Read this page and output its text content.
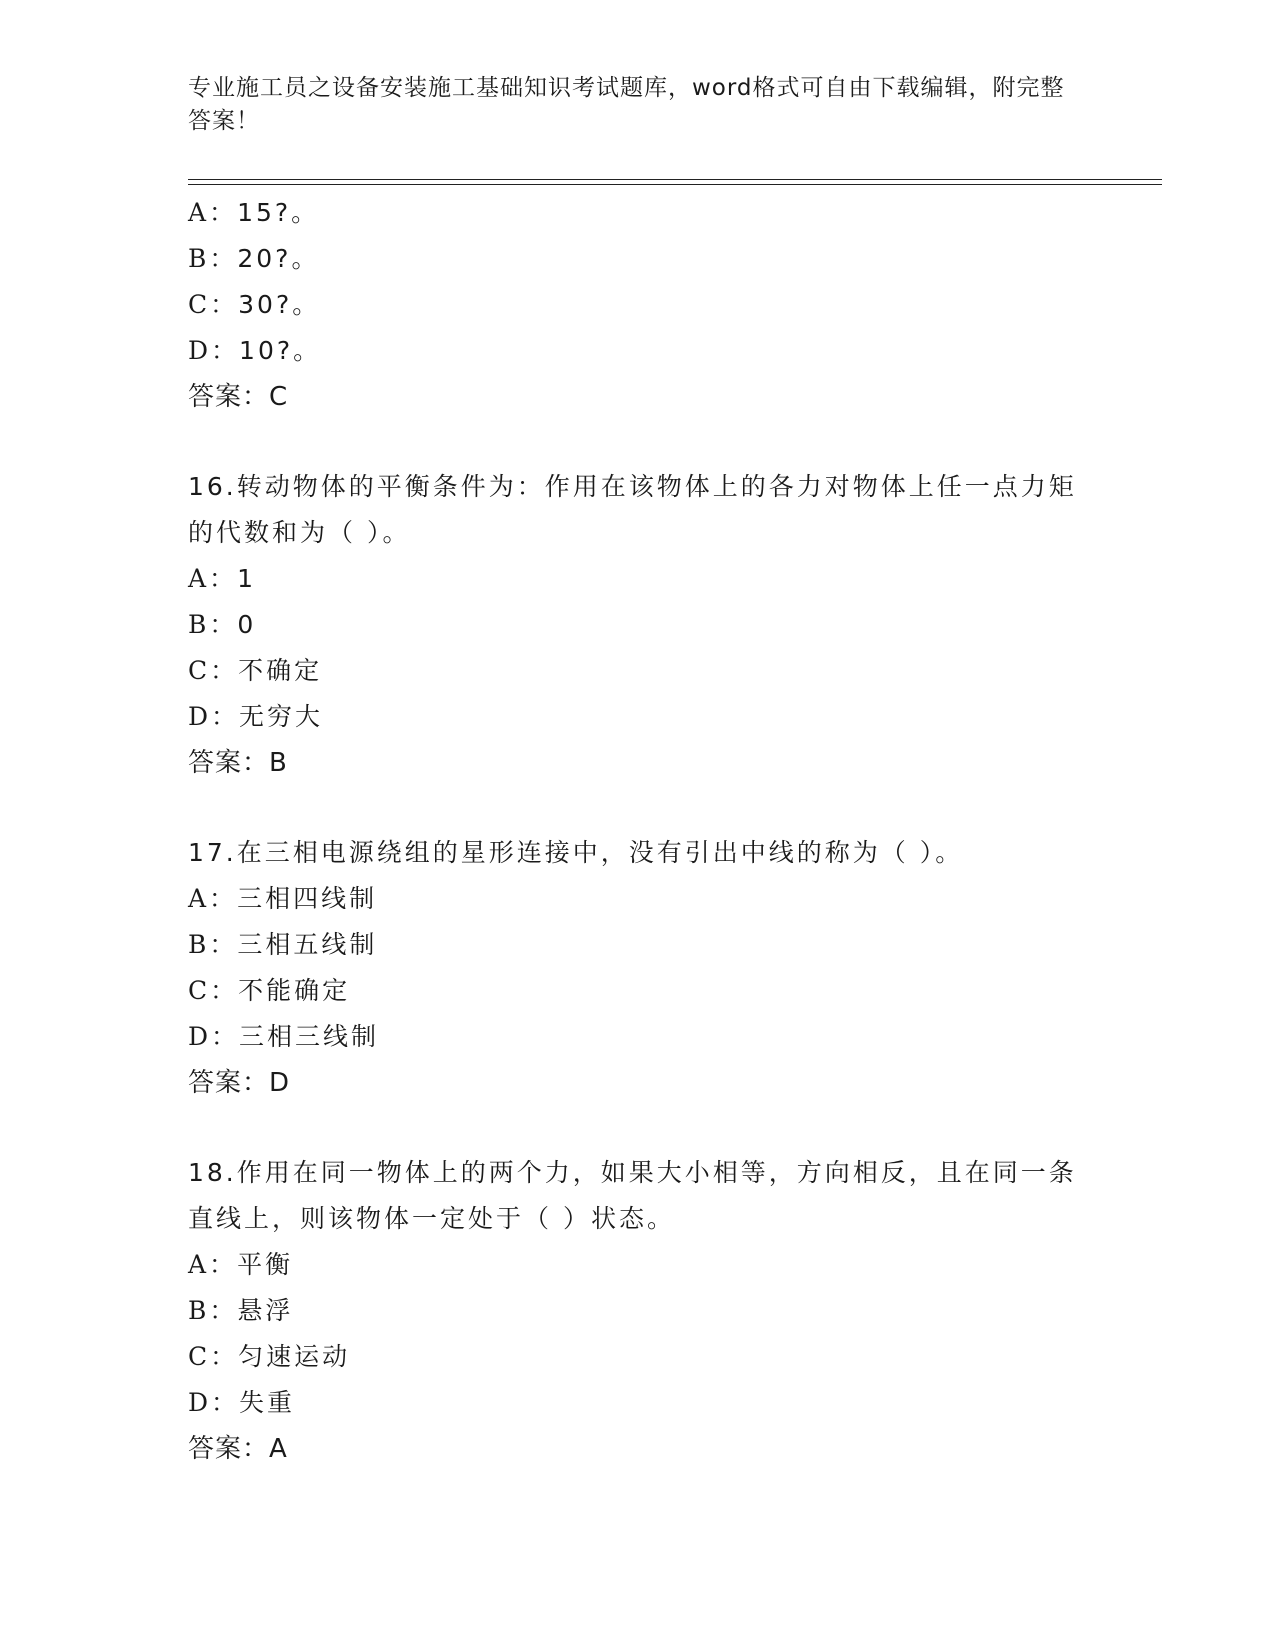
专业施工员之设备安装施工基础知识考试题库，word格式可自由下载编辑，附完整答案！

A：15?。

B：20?。

C：30?。

D：10?。

答案：C

16.转动物体的平衡条件为：作用在该物体上的各力对物体上任一点力矩的代数和为（ ）。

A：1

B：0

C：不确定

D：无穷大

答案：B

17.在三相电源绕组的星形连接中，没有引出中线的称为（ ）。

A：三相四线制

B：三相五线制

C：不能确定

D：三相三线制

答案：D

18.作用在同一物体上的两个力，如果大小相等，方向相反，且在同一条直线上，则该物体一定处于（ ）状态。

A：平衡

B：悬浮

C：匀速运动

D：失重

答案：A
